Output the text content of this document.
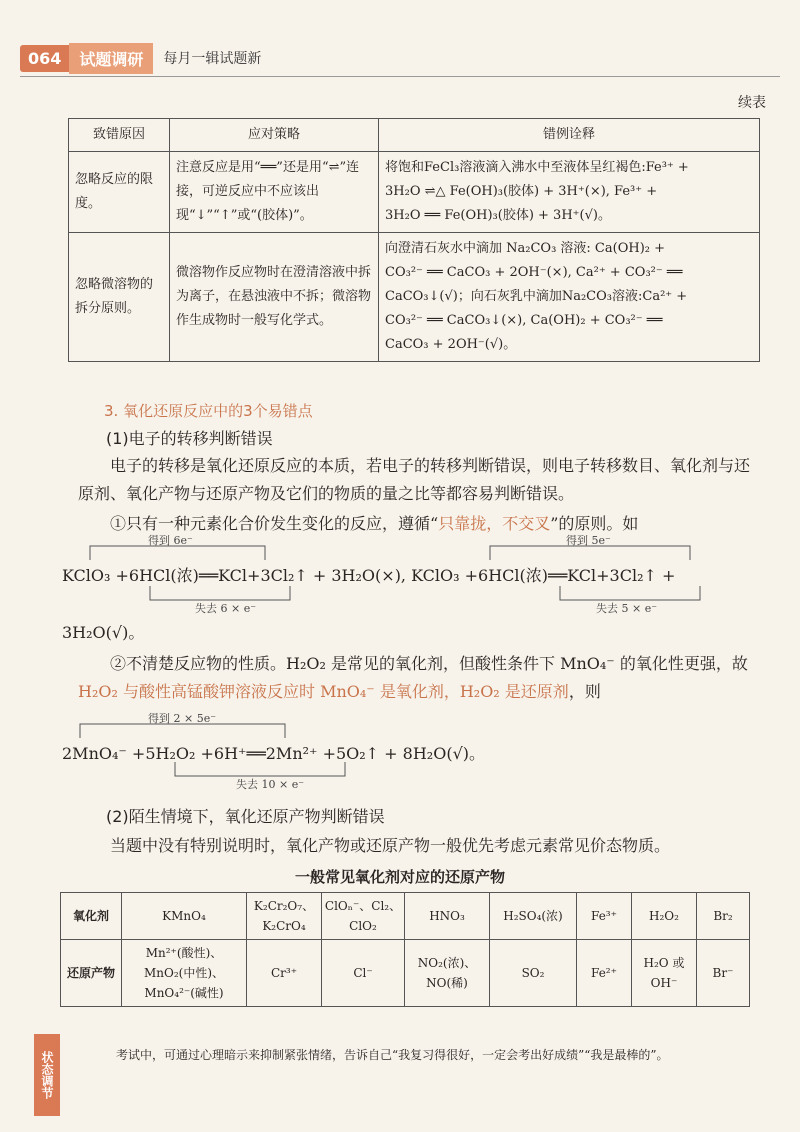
064	试题调研	每月一辑试题新
续表
致错原因	应对策略	错例诠释
忽略反应的限度。	注意反应是用“══”还是用“⇌”连接，可逆反应中不应该出现“↓”“↑”或“(胶体)”。	将饱和FeCl₃溶液滴入沸水中至液体呈红褐色:Fe³⁺ +
3H₂O ⇌△ Fe(OH)₃(胶体) + 3H⁺(×), Fe³⁺ +
3H₂O ══ Fe(OH)₃(胶体) + 3H⁺(√)。

忽略微溶物的拆分原则。	微溶物作反应物时在澄清溶液中拆为离子，在悬浊液中不拆；微溶物作生成物时一般写化学式。	向澄清石灰水中滴加 Na₂CO₃ 溶液: Ca(OH)₂ +
CO₃²⁻ ══ CaCO₃ + 2OH⁻(×), Ca²⁺ + CO₃²⁻ ══
CaCO₃↓(√)；向石灰乳中滴加Na₂CO₃溶液:Ca²⁺ +
CO₃²⁻ ══ CaCO₃↓(×), Ca(OH)₂ + CO₃²⁻ ══
CaCO₃ + 2OH⁻(√)。
3. 氧化还原反应中的3个易错点
(1)电子的转移判断错误
电子的转移是氧化还原反应的本质，若电子的转移判断错误，则电子转移数目、氧化剂与还原剂、氧化产物与还原产物及它们的物质的量之比等都容易判断错误。
①只有一种元素化合价发生变化的反应，遵循“只靠拢，不交叉”的原则。如
得到 6e⁻
失去 6 × e⁻
得到 5e⁻
失去 5 × e⁻
KClO₃ +6HCl(浓)══KCl+3Cl₂↑ + 3H₂O(×), KClO₃ +6HCl(浓)══KCl+3Cl₂↑ +
3H₂O(√)。
②不清楚反应物的性质。H₂O₂ 是常见的氧化剂，但酸性条件下 MnO₄⁻ 的氧化性更强，故 H₂O₂ 与酸性高锰酸钾溶液反应时 MnO₄⁻ 是氧化剂，H₂O₂ 是还原剂，则
得到 2 × 5e⁻
失去 10 × e⁻
2MnO₄⁻ +5H₂O₂ +6H⁺══2Mn²⁺ +5O₂↑ + 8H₂O(√)。
(2)陌生情境下，氧化还原产物判断错误
当题中没有特别说明时，氧化产物或还原产物一般优先考虑元素常见价态物质。
一般常见氧化剂对应的还原产物
氧化剂	KMnO₄	K₂Cr₂O₇、K₂CrO₄	ClOₙ⁻、Cl₂、ClO₂	HNO₃	H₂SO₄(浓)	Fe³⁺	H₂O₂	Br₂
还原产物	Mn²⁺(酸性)、MnO₂(中性)、MnO₄²⁻(碱性)	Cr³⁺	Cl⁻	NO₂(浓)、NO(稀)	SO₂	Fe²⁺	H₂O 或 OH⁻	Br⁻
状态调节	考试中，可通过心理暗示来抑制紧张情绪，告诉自己“我复习得很好，一定会考出好成绩”“我是最棒的”。
